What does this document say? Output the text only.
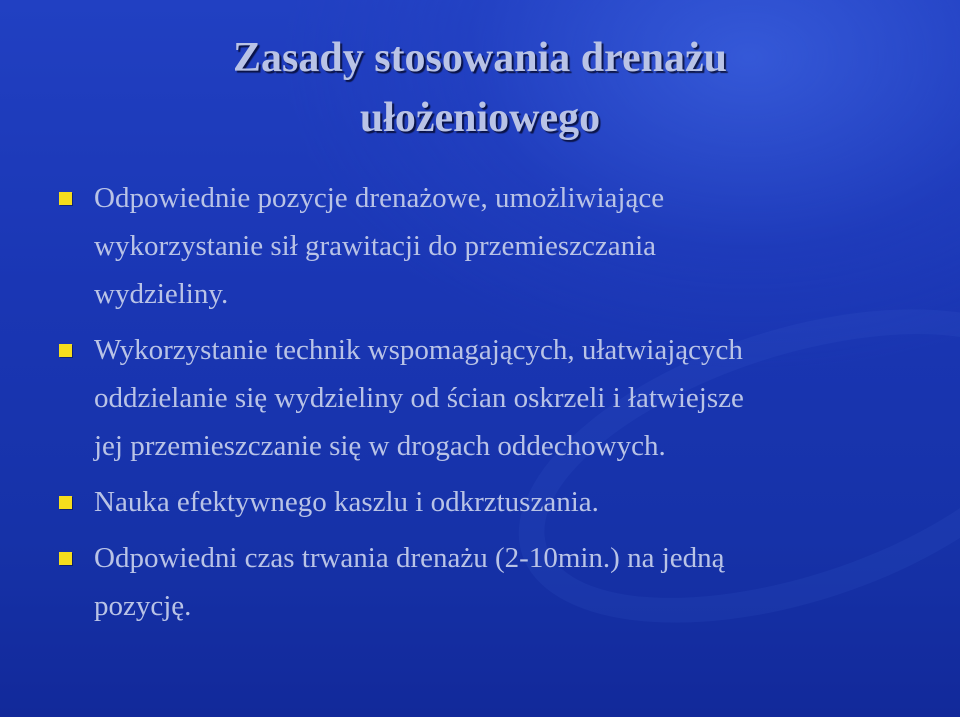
Zasady stosowania drenażu
ułożeniowego
Odpowiednie pozycje drenażowe, umożliwiające
wykorzystanie sił grawitacji do przemieszczania
wydzieliny.
Wykorzystanie technik wspomagających, ułatwiających
oddzielanie się wydzieliny od ścian oskrzeli i łatwiejsze
jej przemieszczanie się w drogach oddechowych.
Nauka efektywnego kaszlu i odkrztuszania.
Odpowiedni czas trwania drenażu (2-10min.) na jedną
pozycję.
